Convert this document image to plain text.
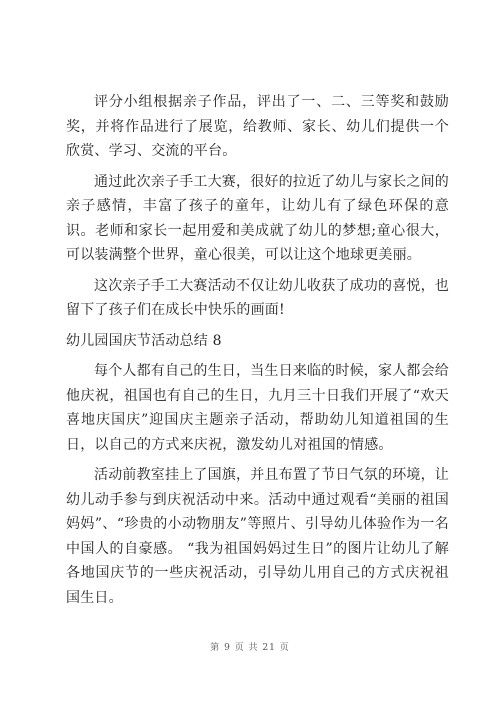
评分小组根据亲子作品，评出了一、二、三等奖和鼓励奖，并将作品进行了展览，给教师、家长、幼儿们提供一个欣赏、学习、交流的平台。

通过此次亲子手工大赛，很好的拉近了幼儿与家长之间的亲子感情，丰富了孩子的童年，让幼儿有了绿色环保的意识。老师和家长一起用爱和美成就了幼儿的梦想;童心很大，可以装满整个世界，童心很美，可以让这个地球更美丽。

这次亲子手工大赛活动不仅让幼儿收获了成功的喜悦，也留下了孩子们在成长中快乐的画面!

幼儿园国庆节活动总结 8

每个人都有自己的生日，当生日来临的时候，家人都会给他庆祝，祖国也有自己的生日，九月三十日我们开展了“欢天喜地庆国庆”迎国庆主题亲子活动，帮助幼儿知道祖国的生日，以自己的方式来庆祝，激发幼儿对祖国的情感。

活动前教室挂上了国旗，并且布置了节日气氛的环境，让幼儿动手参与到庆祝活动中来。活动中通过观看“美丽的祖国妈妈”、“珍贵的小动物朋友”等照片、引导幼儿体验作为一名中国人的自豪感。 “我为祖国妈妈过生日”的图片让幼儿了解各地国庆节的一些庆祝活动，引导幼儿用自己的方式庆祝祖国生日。

第 9 页 共 21 页
